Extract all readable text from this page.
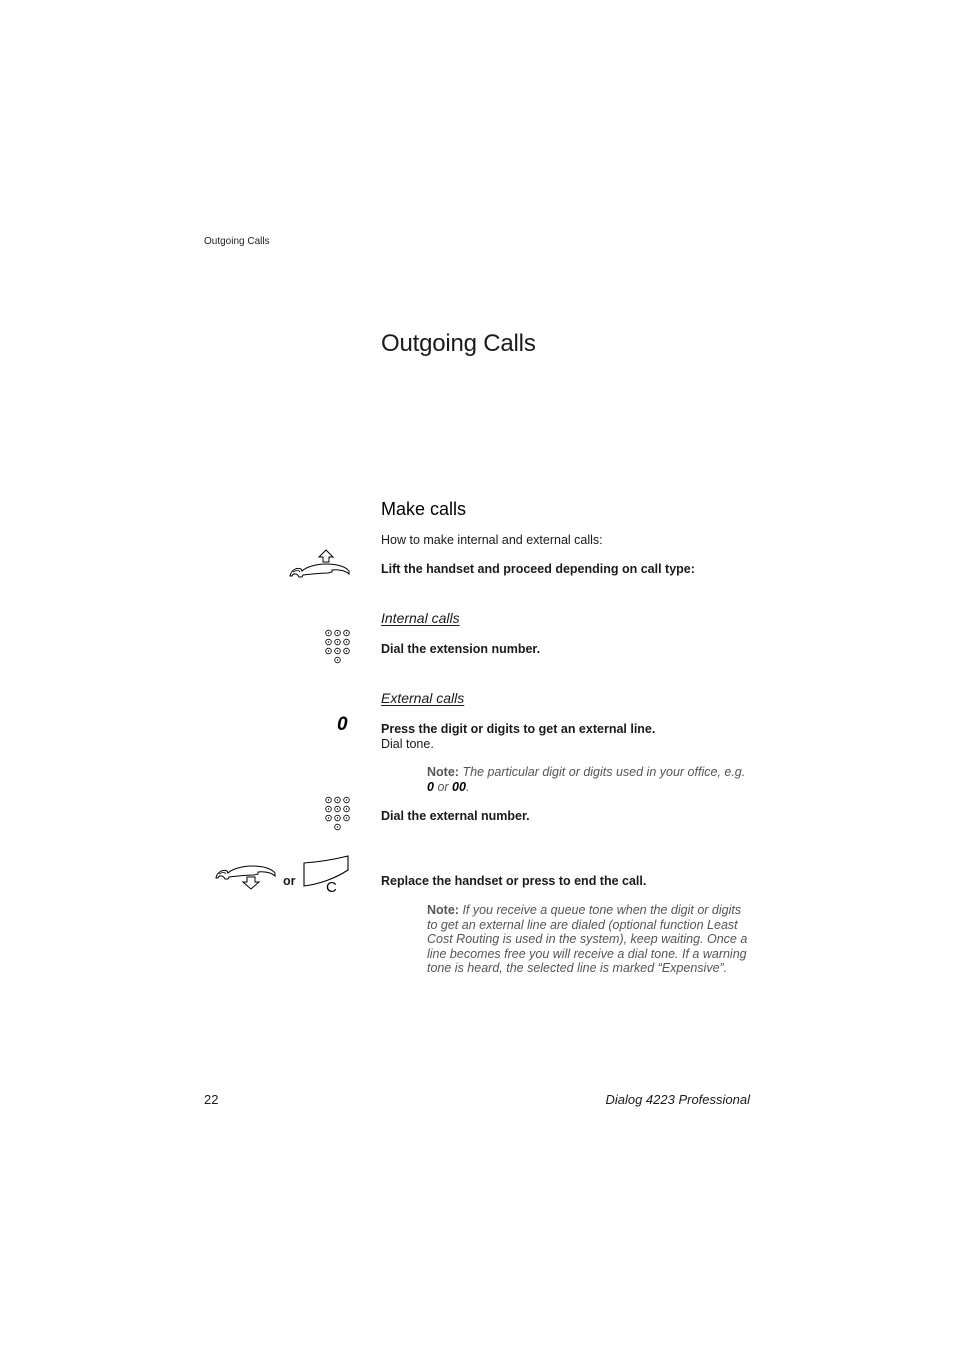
Outgoing Calls
Outgoing Calls
Make calls
How to make internal and external calls:
Lift the handset and proceed depending on call type:
Internal calls
Dial the extension number.
External calls
0	Press the digit or digits to get an external line.
Dial tone.
Note: The particular digit or digits used in your office, e.g.
0 or 00.
Dial the external number.
or C	Replace the handset or press to end the call.
Note: If you receive a queue tone when the digit or digits to get an external line are dialed (optional function Least Cost Routing is used in the system), keep waiting. Once a line becomes free you will receive a dial tone. If a warning tone is heard, the selected line is marked “Expensive”.
22	Dialog 4223 Professional
